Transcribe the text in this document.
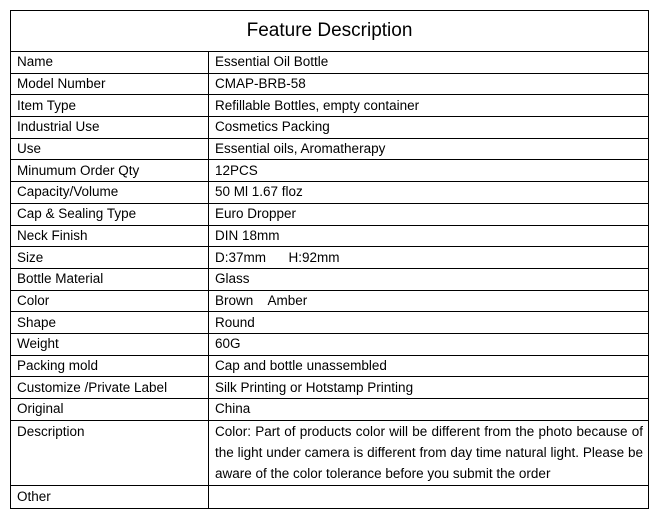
Feature Description	
Name	Essential Oil Bottle
Model Number	CMAP-BRB-58
Item Type	Refillable Bottles, empty container
Industrial Use	Cosmetics Packing
Use	Essential oils, Aromatherapy
Minumum Order Qty	12PCS
Capacity/Volume	50 Ml 1.67 floz
Cap & Sealing Type	Euro Dropper
Neck Finish	DIN 18mm
Size	D:37mm      H:92mm
Bottle Material	Glass
Color	Brown    Amber
Shape	Round
Weight	60G
Packing mold	Cap and bottle unassembled
Customize /Private Label	Silk Printing or Hotstamp Printing
Original	China
Description	Color: Part of products color will be different from the photo because of the light under camera is different from day time natural light. Please be aware of the color tolerance before you submit the order
Other	
